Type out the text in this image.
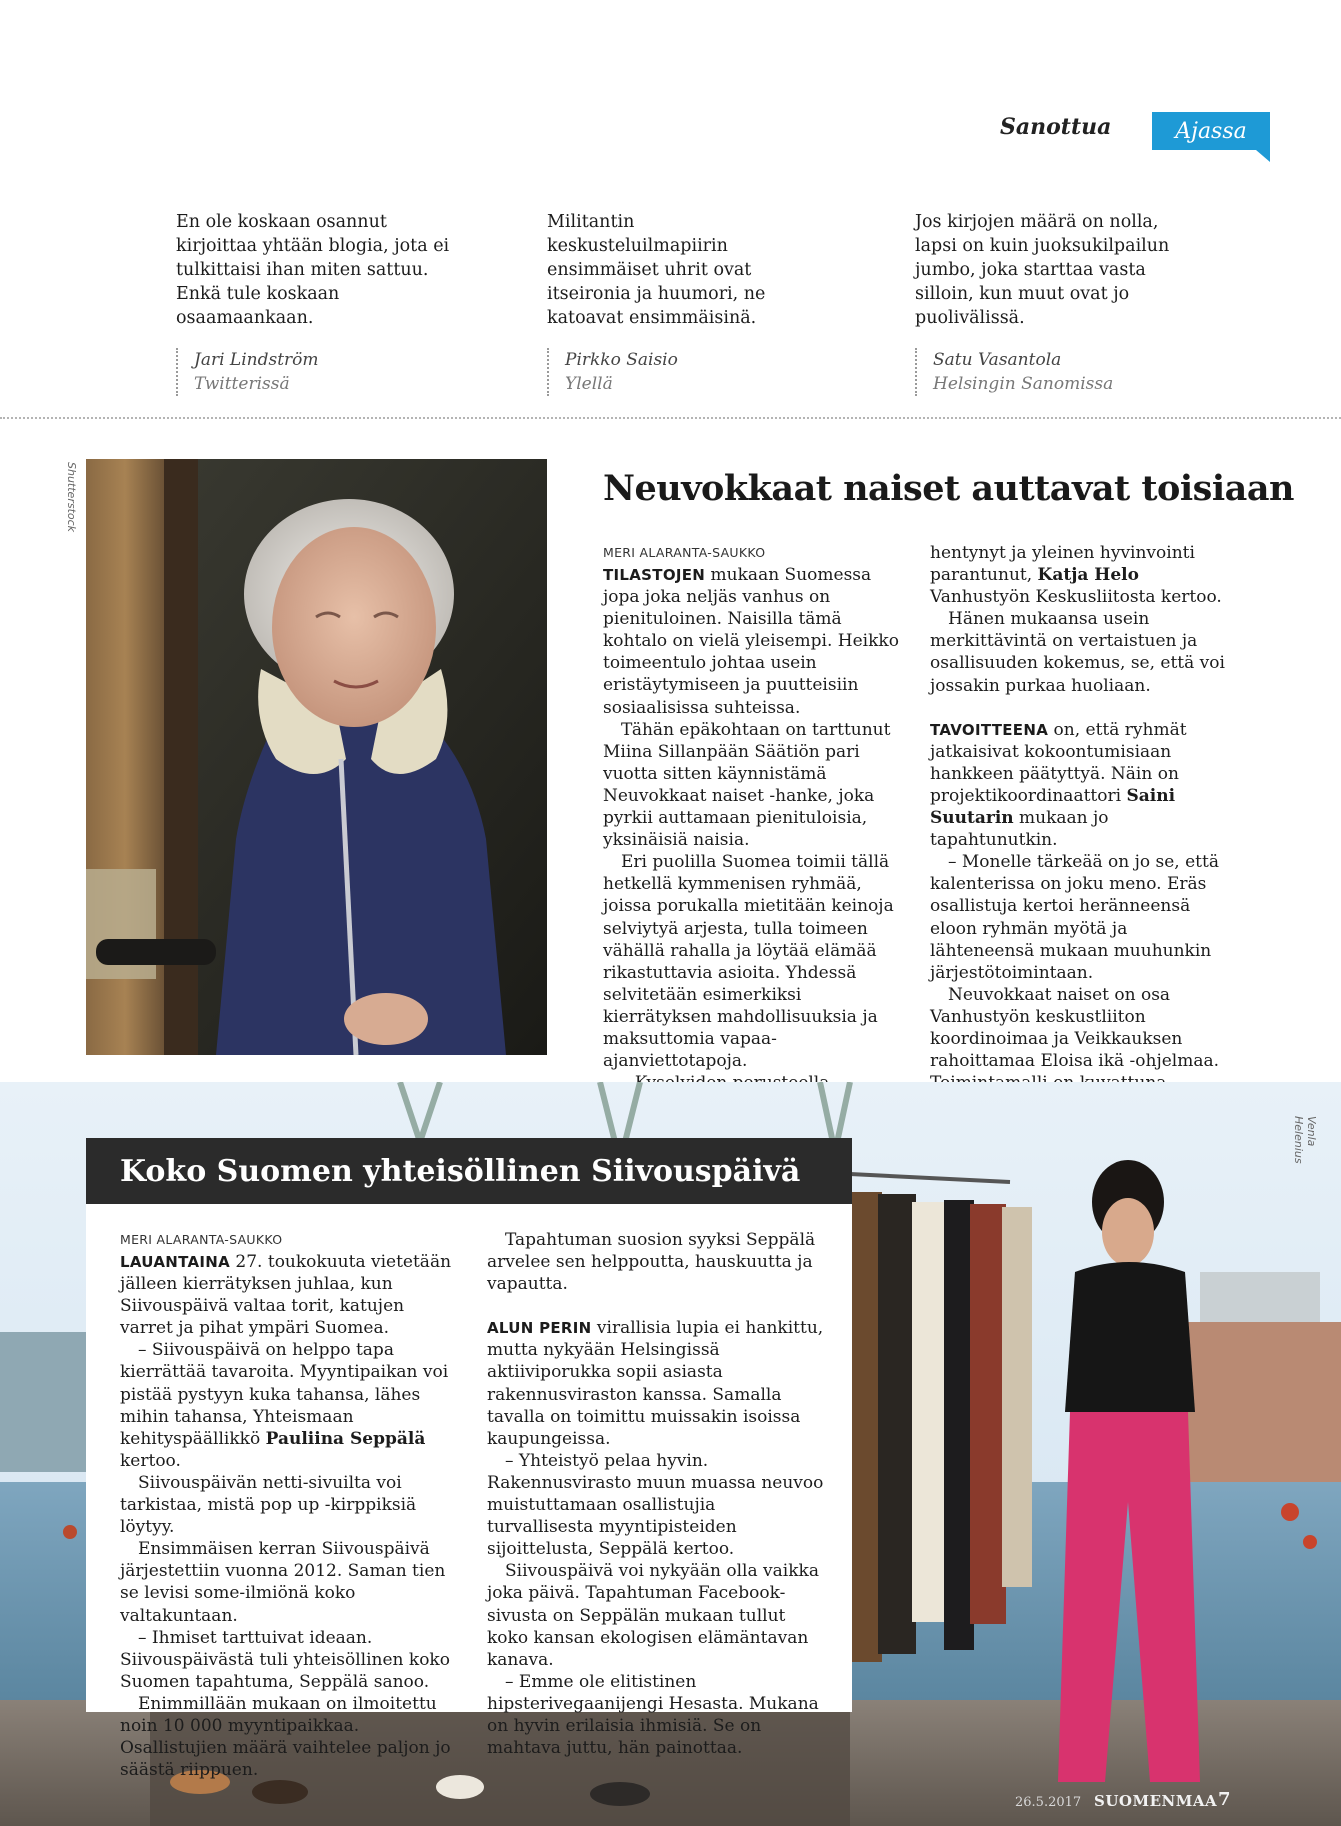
Sanottua	Ajassa
En ole koskaan osannut kirjoittaa yhtään blogia, jota ei tulkittaisi ihan miten sattuu. Enkä tule koskaan osaamaankaan.
Jari Lindström
Twitterissä
Militantin keskusteluilmapiirin ensimmäiset uhrit ovat itseironia ja huumori, ne katoavat ensimmäisinä.
Pirkko Saisio
Ylellä
Jos kirjojen määrä on nolla, lapsi on kuin juoksukilpailun jumbo, joka starttaa vasta silloin, kun muut ovat jo puolivälissä.
Satu Vasantola
Helsingin Sanomissa
Shutterstock	Neuvokkaat naiset auttavat toisiaan
MERI ALARANTA-SAUKKO

TILASTOJEN mukaan Suomessa jopa joka neljäs vanhus on pienituloinen. Naisilla tämä kohtalo on vielä yleisempi. Heikko toimeentulo johtaa usein eristäytymiseen ja puutteisiin sosiaalisissa suhteissa.

Tähän epäkohtaan on tarttunut Miina Sillanpään Säätiön pari vuotta sitten käynnistämä Neuvokkaat naiset -hanke, joka pyrkii auttamaan pienituloisia, yksinäisiä naisia.

Eri puolilla Suomea toimii tällä hetkellä kymmenisen ryhmää, joissa porukalla mietitään keinoja selviytyä arjesta, tulla toimeen vähällä rahalla ja löytää elämää rikastuttavia asioita. Yhdessä selvitetään esimerkiksi kierrätyksen mahdollisuuksia ja maksuttomia vapaa-ajanviettotapoja.

hentynyt ja yleinen hyvinvointi parantunut, Katja Helo Vanhustyön Keskusliitosta kertoo.

Hänen mukaansa usein merkittävintä on vertaistuen ja osallisuuden kokemus, se, että voi jossakin purkaa huoliaan.

TAVOITTEENA on, että ryhmät jatkaisivat kokoontumisiaan hankkeen päätyttyä. Näin on projektikoordinaattori Saini Suutarin mukaan jo tapahtunutkin.

– Monelle tärkeää on jo se, että kalenterissa on joku meno. Eräs osallistuja kertoi heränneensä eloon ryhmän myötä ja lähteneensä mukaan muuhunkin järjestötoimintaan.

Neuvokkaat naiset on osa Vanhustyön keskustliiton koordinoimaa ja Veikkauksen rahoittamaa Eloisa ikä -ohjelmaa.

Venla Helenius
Koko Suomen yhteisöllinen Siivouspäivä
MERI ALARANTA-SAUKKO

LAUANTAINA 27. toukokuuta vietetään jälleen kierrätyksen juhlaa, kun Siivouspäivä valtaa torit, katujen varret ja pihat ympäri Suomea.

– Siivouspäivä on helppo tapa kierrättää tavaroita. Myyntipaikan voi pistää pystyyn kuka tahansa, lähes mihin tahansa, Yhteismaan kehityspäällikkö Pauliina Seppälä kertoo.

Siivouspäivän netti-sivuilta voi tarkistaa, mistä pop up -kirppiksiä löytyy.

Ensimmäisen kerran Siivouspäivä järjestettiin vuonna 2012. Saman tien se levisi some-ilmiönä koko valtakuntaan.

– Ihmiset tarttuivat ideaan. Siivouspäivästä tuli yhteisöllinen koko Suomen tapahtuma, Seppälä sanoo.

Enimmillään mukaan on ilmoitettu noin 10 000 myyntipaikkaa. Osallistujien määrä vaihtelee paljon jo säästä riippuen.

Tapahtuman suosion syyksi Seppälä arvelee sen helppoutta, hauskuutta ja vapautta.

ALUN PERIN virallisia lupia ei hankittu, mutta nykyään Helsingissä aktiiviporukka sopii asiasta rakennusviraston kanssa. Samalla tavalla on toimittu muissakin isoissa kaupungeissa.

– Yhteistyö pelaa hyvin. Rakennusvirasto muun muassa neuvoo muistuttamaan osallistujia turvallisesta myyntipisteiden sijoittelusta, Seppälä kertoo.

Siivouspäivä voi nykyään olla vaikka joka päivä. Tapahtuman Facebook-sivusta on Seppälän mukaan tullut koko kansan ekologisen elämäntavan kanava.

– Emme ole elitistinen hipsterivegaanijengi Hesasta. Mukana on hyvin erilaisia ihmisiä. Se on mahtava juttu, hän painottaa.

26.5.2017 SUOMENMAA 7
